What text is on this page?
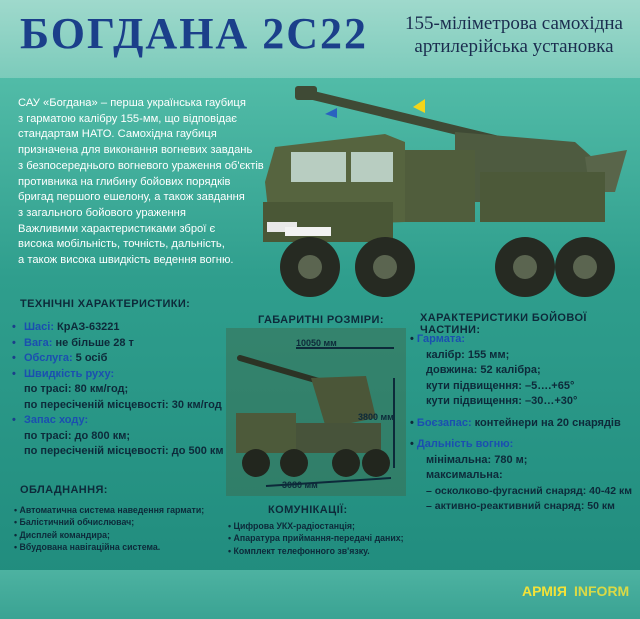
БОГДАНА 2С22	155-міліметрова самохідна
артилерійська установка

САУ «Богдана» – перша українська гаубиця

з гарматою калібру 155-мм, що відповідає

стандартам НАТО. Самохідна гаубиця

призначена для виконання вогневих завдань

з безпосереднього вогневого ураження об'єктів

противника на глибину бойових порядків

бригад першого ешелону, а також завдання

з загального бойового ураження

Важливими характеристиками зброї є

висока мобільність, точність, дальність,

а також висока швидкість ведення вогню.

ТЕХНІЧНІ ХАРАКТЕРИСТИКИ:
ГАБАРИТНІ РОЗМІРИ:	ХАРАКТЕРИСТИКИ БОЙОВОЇ ЧАСТИНИ:
ОБЛАДНАННЯ:
КОМУНІКАЦІЇ:
• Шасі: КрАЗ-63221
• Вага: не більше 28 т
• Обслуга: 5 осіб
• Швидкість руху:
по трасі: 80 км/год;
по пересіченій місцевості: 30 км/год
• Запас ходу:
по трасі: до 800 км;
по пересіченій місцевості: до 500 км
10050 мм
3800 мм
3080 мм
• Гармата:
калібр: 155 мм;
довжина: 52 калібра;
кути підвищення: –5….+65°
кути підвищення: –30…+30°
• Боєзапас: контейнери на 20 снарядів
• Дальність вогню:
мінімальна: 780 м;
максимальна:
– осколково-фугасний снаряд: 40-42 км
– активно-реактивний снаряд: 50 км
• Автоматична система наведення гармати;
• Балістичний обчислювач;
• Дисплей командира;
• Вбудована навігаційна система.
• Цифрова УКХ-радіостанція;
• Апаратура приймання-передачі даних;
• Комплект телефонного зв'язку.
АРМІЯ INFORM
